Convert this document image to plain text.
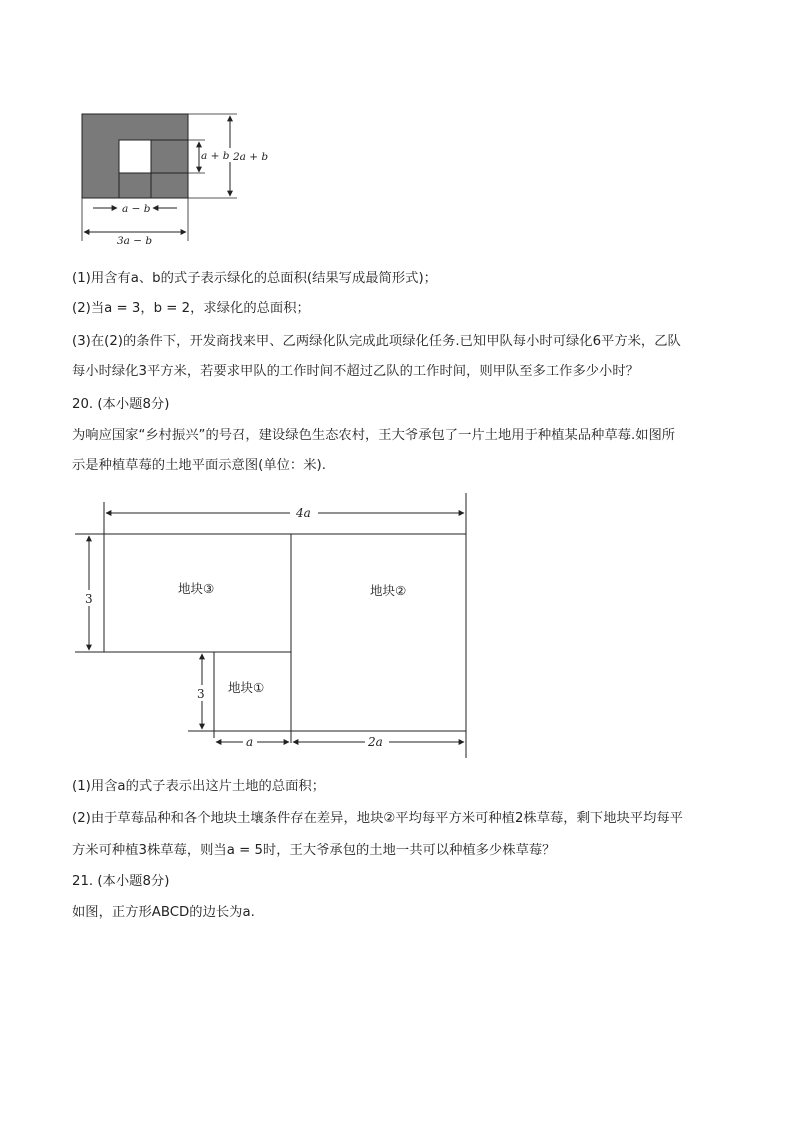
a + b 2a + b
a − b
3a − b
(1)用含有a、b的式子表示绿化的总面积(结果写成最简形式)；
(2)当a = 3，b = 2，求绿化的总面积；
(3)在(2)的条件下，开发商找来甲、乙两绿化队完成此项绿化任务.已知甲队每小时可绿化6平方米，乙队
每小时绿化3平方米，若要求甲队的工作时间不超过乙队的工作时间，则甲队至多工作多少小时？
20. (本小题8分)
为响应国家“乡村振兴”的号召，建设绿色生态农村，王大爷承包了一片土地用于种植某品种草莓.如图所
示是种植草莓的土地平面示意图(单位：米).
4a
3
3
a	2a
地块③	地块②
地块①
(1)用含a的式子表示出这片土地的总面积；
(2)由于草莓品种和各个地块土壤条件存在差异，地块②平均每平方米可种植2株草莓，剩下地块平均每平
方米可种植3株草莓，则当a = 5时，王大爷承包的土地一共可以种植多少株草莓？
21. (本小题8分)
如图，正方形ABCD的边长为a.
